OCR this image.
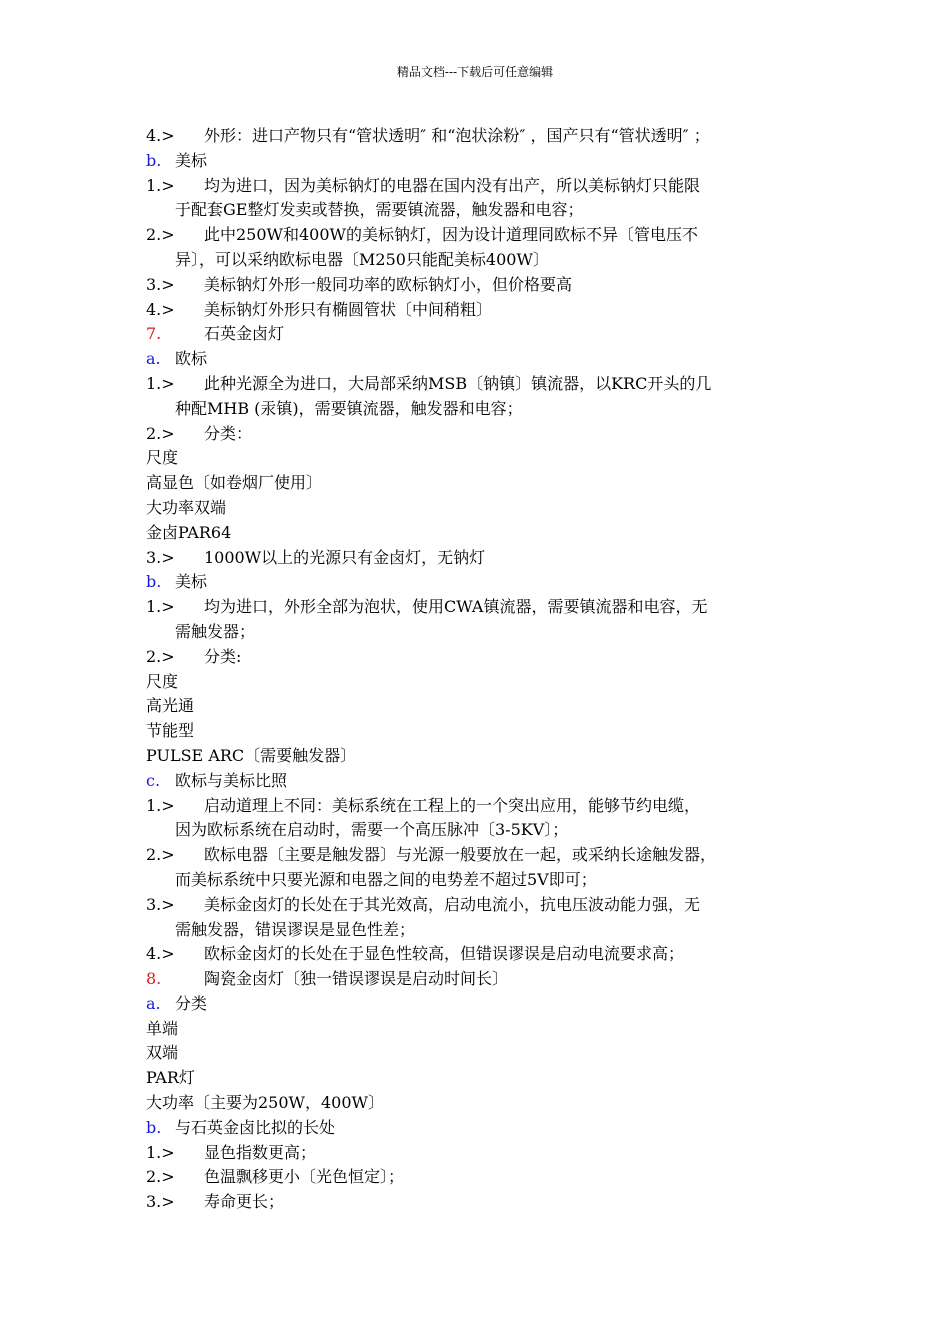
精品文档---下载后可任意编辑
4.> 外形：进口产物只有“管状透明″ 和“泡状涂粉″ ，国产只有“管状透明″ ；
b. 美标
1.> 均为进口，因为美标钠灯的电器在国内没有出产，所以美标钠灯只能限
于配套GE整灯发卖或替换，需要镇流器，触发器和电容；
2.> 此中250W和400W的美标钠灯，因为设计道理同欧标不异〔管电压不
异〕，可以采纳欧标电器〔M250只能配美标400W〕
3.> 美标钠灯外形一般同功率的欧标钠灯小，但价格要高
4.> 美标钠灯外形只有椭圆管状〔中间稍粗〕
7.	石英金卤灯
a. 欧标
1.> 此种光源全为进口，大局部采纳MSB〔钠镇〕镇流器，以KRC开头的几
种配MHB (汞镇)，需要镇流器，触发器和电容；
2.> 分类：
尺度
高显色〔如卷烟厂使用〕
大功率双端
金卤PAR64
3.> 1000W以上的光源只有金卤灯，无钠灯
b. 美标
1.> 均为进口，外形全部为泡状，使用CWA镇流器，需要镇流器和电容，无
需触发器；
2.> 分类:
尺度
高光通
节能型
PULSE ARC〔需要触发器〕
c. 欧标与美标比照
1.> 启动道理上不同：美标系统在工程上的一个突出应用，能够节约电缆，
因为欧标系统在启动时，需要一个高压脉冲〔3-5KV〕；
2.> 欧标电器〔主要是触发器〕与光源一般要放在一起，或采纳长途触发器，
而美标系统中只要光源和电器之间的电势差不超过5V即可；
3.> 美标金卤灯的长处在于其光效高，启动电流小，抗电压波动能力强，无
需触发器，错误谬误是显色性差；
4.> 欧标金卤灯的长处在于显色性较高，但错误谬误是启动电流要求高；
8.	陶瓷金卤灯〔独一错误谬误是启动时间长〕
a. 分类
单端
双端
PAR灯
大功率〔主要为250W，400W〕
b. 与石英金卤比拟的长处
1.> 显色指数更高；
2.> 色温飘移更小〔光色恒定〕；
3.> 寿命更长；
